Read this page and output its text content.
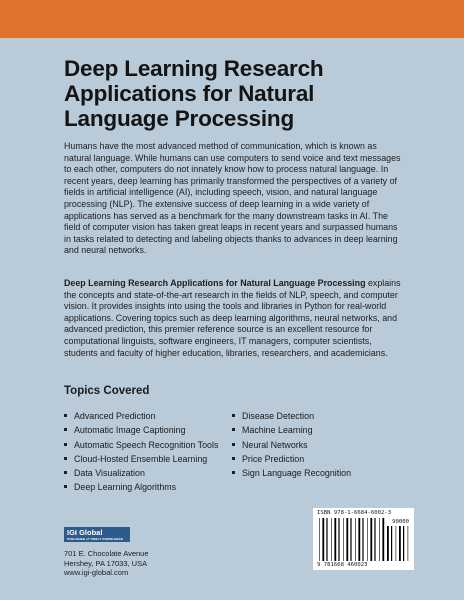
Deep Learning Research Applications for Natural Language Processing

Humans have the most advanced method of communication, which is known as natural language. While humans can use computers to send voice and text messages to each other, computers do not innately know how to process natural language. In recent years, deep learning has primarily transformed the perspectives of a variety of fields in artificial intelligence (AI), including speech, vision, and natural language processing (NLP). The extensive success of deep learning in a wide variety of applications has served as a benchmark for the many downstream tasks in AI. The field of computer vision has taken great leaps in recent years and surpassed humans in tasks related to detecting and labeling objects thanks to advances in deep learning and neural networks.

Deep Learning Research Applications for Natural Language Processing explains the concepts and state-of-the-art research in the fields of NLP, speech, and computer vision. It provides insights into using the tools and libraries in Python for real-world applications. Covering topics such as deep learning algorithms, neural networks, and advanced prediction, this premier reference source is an excellent resource for computational linguists, software engineers, IT managers, computer scientists, students and faculty of higher education, libraries, researchers, and academicians.

Topics Covered
Advanced Prediction
Automatic Image Captioning
Automatic Speech Recognition Tools
Cloud-Hosted Ensemble Learning
Data Visualization
Deep Learning Algorithms
Disease Detection
Machine Learning
Neural Networks
Price Prediction
Sign Language Recognition
IGI Global
PUBLISHER of TIMELY KNOWLEDGE
701 E. Chocolate Avenue
Hershey, PA 17033, USA
www.igi-global.com
ISBN 978-1-6684-6002-3
90000
9 781668 460023
